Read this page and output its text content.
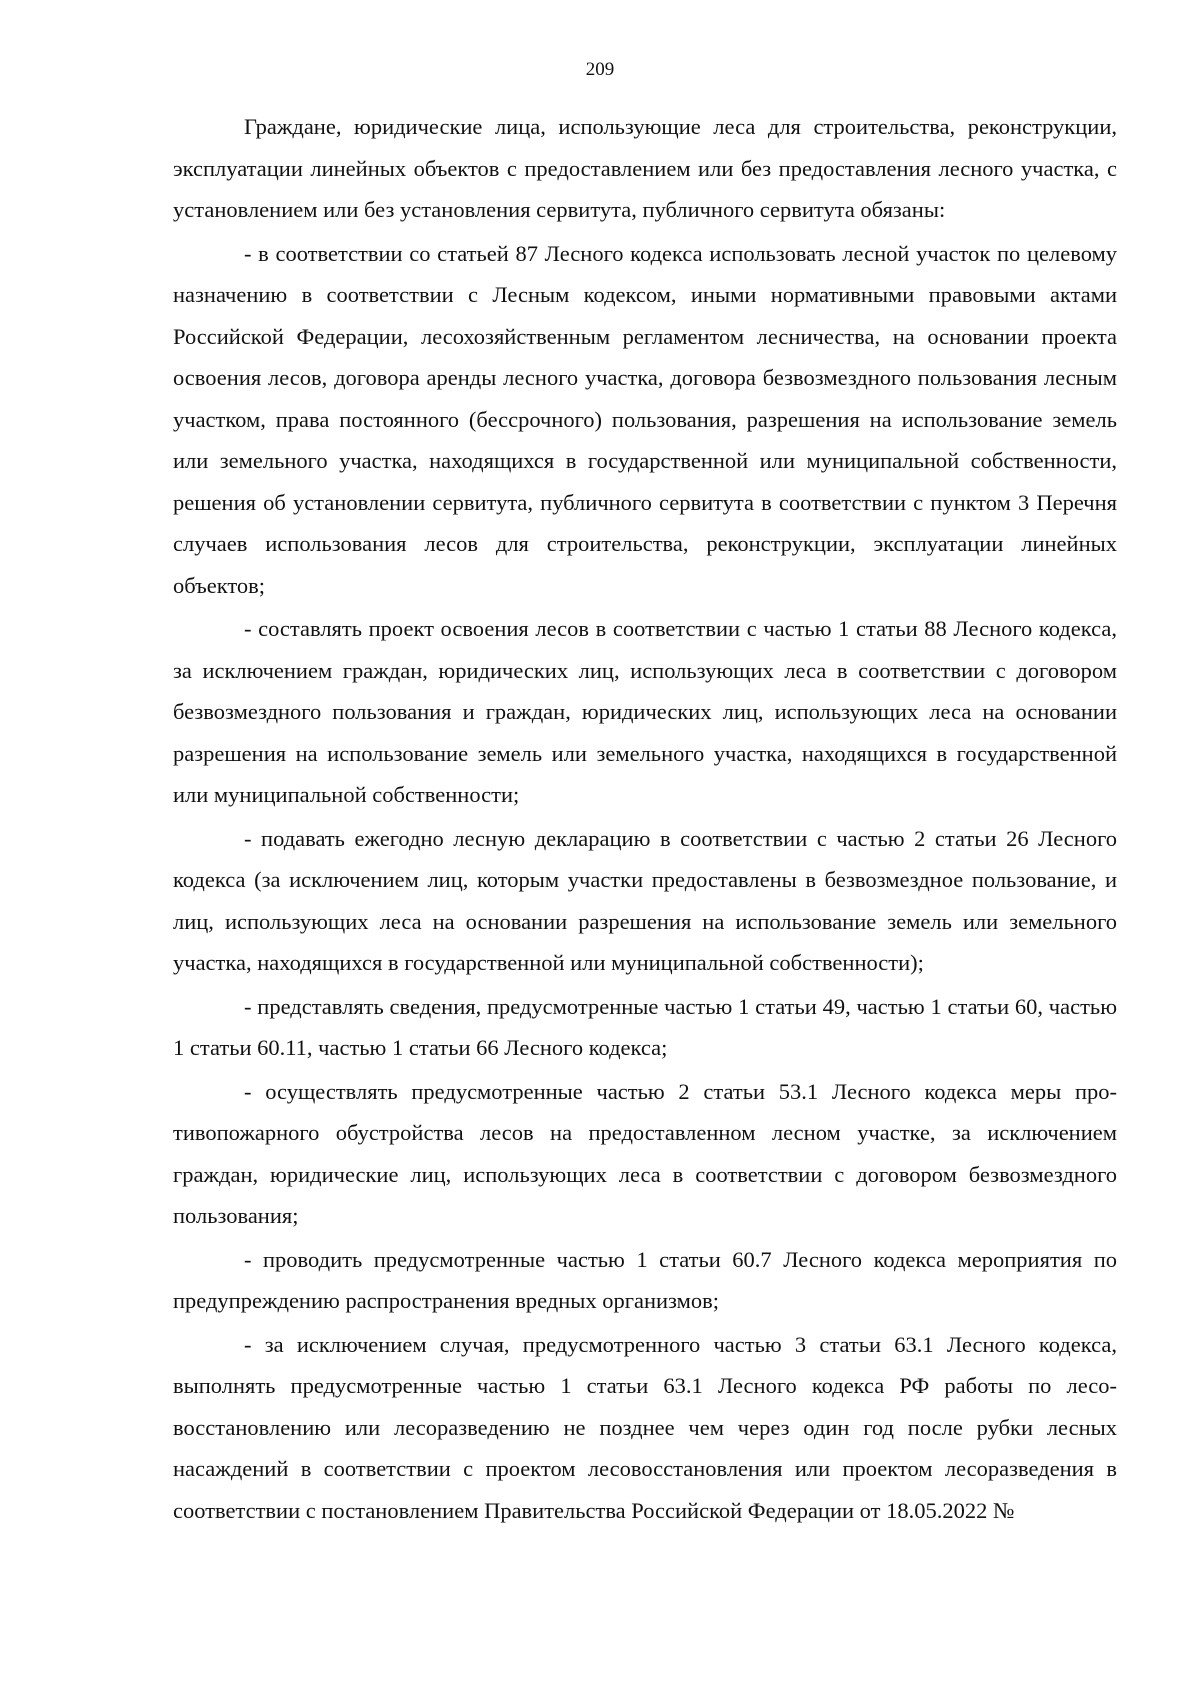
209

Граждане, юридические лица, использующие леса для строительства, реконструкции, эксплуатации линейных объектов с предоставлением или без предоставления лесного участка, с установлением или без установления сервитута, публичного сервитута обязаны:

- в соответствии со статьей 87 Лесного кодекса использовать лесной участок по целевому назначению в соответствии с Лесным кодексом, иными нормативными правовыми актами Российской Федерации, лесохозяйственным регламентом лесничества, на основании проекта освоения лесов, договора аренды лесного участка, договора безвозмездного пользования лесным участком, права постоянного (бессрочного) пользования, разрешения на использование земель или земельного участка, находящихся в государственной или муниципальной собственности, решения об установлении сервитута, публичного сервитута в соответствии с пунктом 3 Перечня случаев использования лесов для строительства, реконструкции, эксплуатации линейных объектов;

- составлять проект освоения лесов в соответствии с частью 1 статьи 88 Лесного кодекса, за исключением граждан, юридических лиц, использующих леса в соответствии с договором безвозмездного пользования и граждан, юридических лиц, использующих леса на основании разрешения на использование земель или земельного участка, находящихся в государственной или муниципальной собственности;

- подавать ежегодно лесную декларацию в соответствии с частью 2 статьи 26 Лесного кодекса (за исключением лиц, которым участки предоставлены в безвозмездное пользование, и лиц, использующих леса на основании разрешения на использование земель или земельного участка, находящихся в государственной или муниципальной собственности);

- представлять сведения, предусмотренные частью 1 статьи 49, частью 1 статьи 60, частью 1 статьи 60.11, частью 1 статьи 66 Лесного кодекса;

- осуществлять предусмотренные частью 2 статьи 53.1 Лесного кодекса меры противопожарного обустройства лесов на предоставленном лесном участке, за исключением граждан, юридические лиц, использующих леса в соответствии с договором безвозмездного пользования;

- проводить предусмотренные частью 1 статьи 60.7 Лесного кодекса мероприятия по предупреждению распространения вредных организмов;

- за исключением случая, предусмотренного частью 3 статьи 63.1 Лесного кодекса, выполнять предусмотренные частью 1 статьи 63.1 Лесного кодекса РФ работы по лесовосстановлению или лесоразведению не позднее чем через один год после рубки лесных насаждений в соответствии с проектом лесовосстановления или проектом лесоразведения в соответствии с постановлением Правительства Российской Федерации от 18.05.2022 №
